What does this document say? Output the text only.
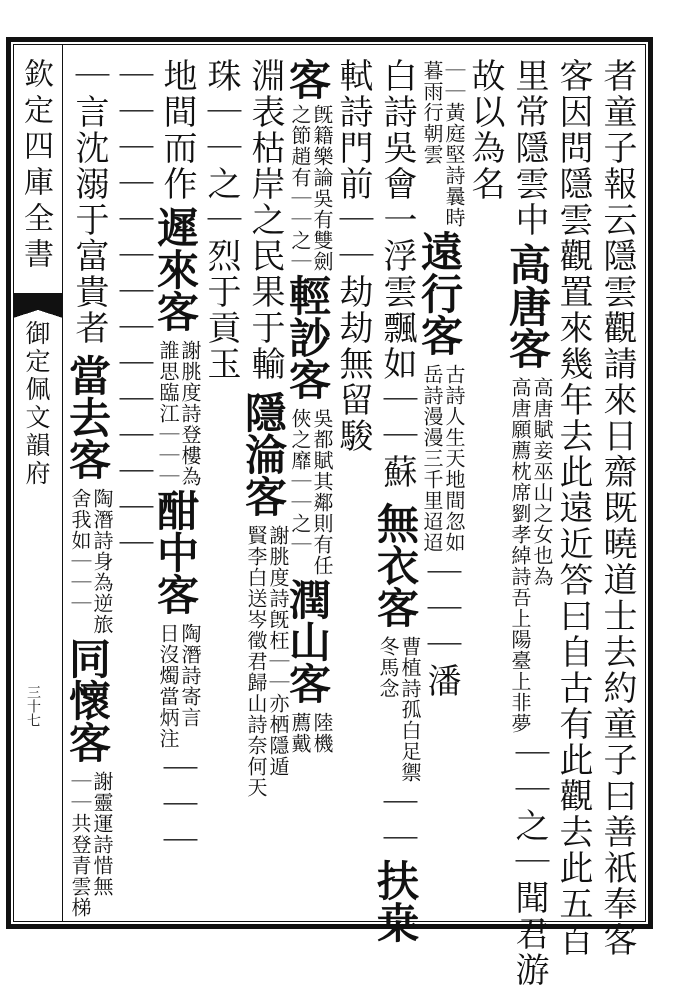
欽定四庫全書
御定佩文韻府
三十七	者童子報云隱雲觀請來日齋既曉道士去約童子曰善祇奉客
客因問隱雲觀置來幾年去此遠近答曰自古有此觀去此五百
里常隱雲中
高唐客
高唐賦妾巫山之女也為
高唐願薦枕席劉孝綽詩吾上陽臺上非夢
｜｜之｜聞君游
故以為名
｜｜黃庭堅詩曩時
暮雨行朝雲
遠行客
古詩人生天地間忽如
岳詩漫漫三千里迢迢
｜｜｜潘
白詩吳會一浮雲飄如｜｜蘇
無衣客
曹植詩孤白足禦
冬馬念
｜｜
扶桒
軾詩門前｜｜劫劫無留駿
客
旣籍樂論吳有雙劍
之節趙有｜｜之｜
輕訬客
吳都賦其鄰則有任
俠之靡｜｜之｜
潤山客
陸機
薦戴
淵表枯岸之民果于輸
隱淪客
謝朓度詩旣枉｜｜亦栖隱遁
賢李白送岑徵君歸山詩奈何天
珠｜｜之｜烈于貢玉
地間而作
遲來客
謝朓度詩登樓為
誰思臨江｜｜｜
酣中客
陶潛詩寄言
日沒燭當炳注
｜｜｜
｜｜｜｜｜｜｜｜｜｜｜｜｜｜
｜言沈溺于富貴者
當去客
陶潛詩身為逆旅
舍我如｜｜｜
同懷客
謝靈運詩惜無
｜｜共登青雲梯
